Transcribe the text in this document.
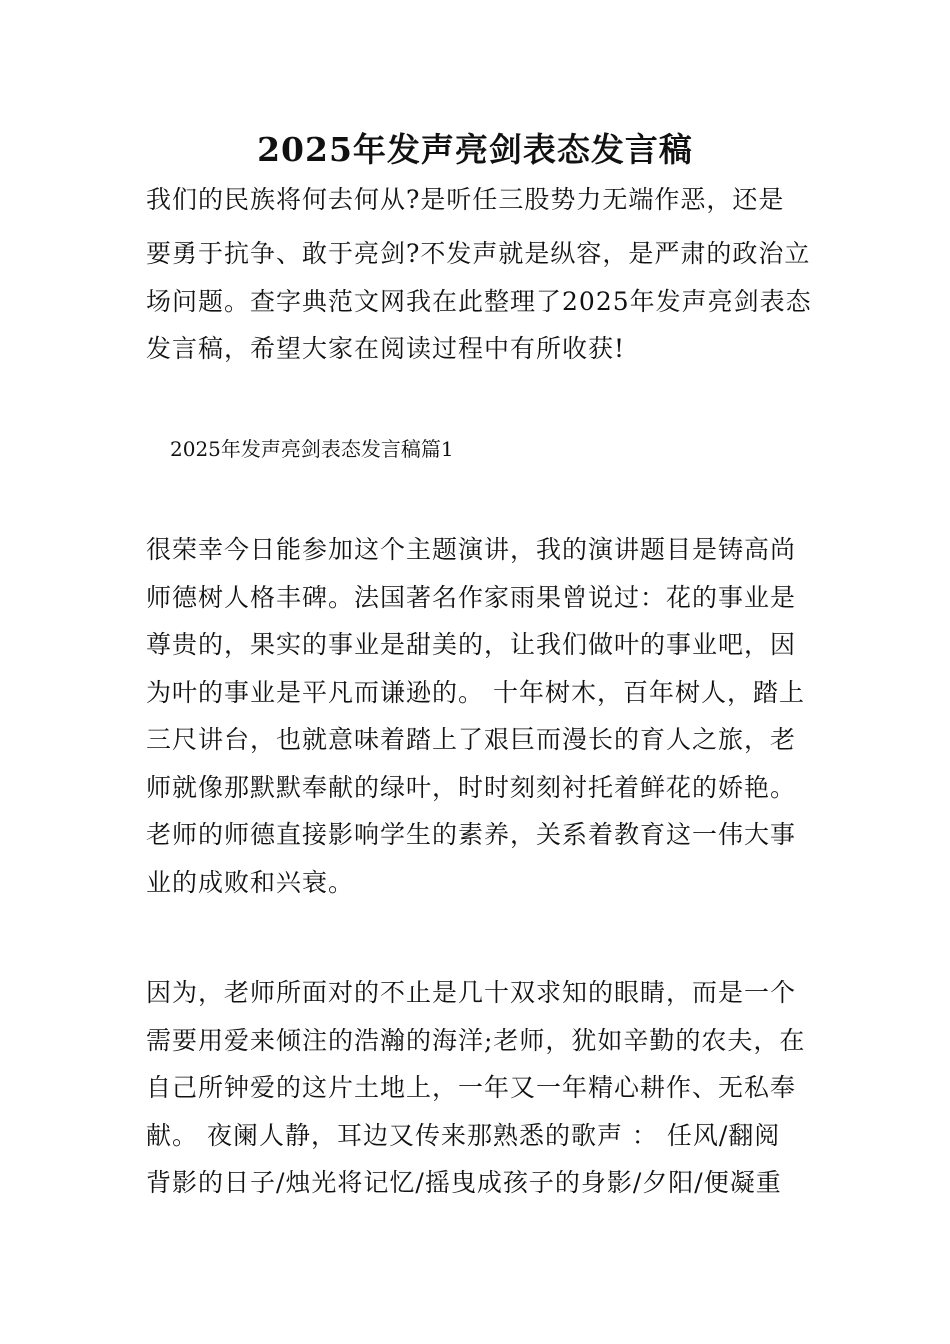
2025年发声亮剑表态发言稿
我们的民族将何去何从?是听任三股势力无端作恶，还是
要勇于抗争、敢于亮剑?不发声就是纵容，是严肃的政治立
场问题。查字典范文网我在此整理了2025年发声亮剑表态
发言稿，希望大家在阅读过程中有所收获!
2025年发声亮剑表态发言稿篇1
很荣幸今日能参加这个主题演讲，我的演讲题目是铸高尚
师德树人格丰碑。法国著名作家雨果曾说过：花的事业是
尊贵的，果实的事业是甜美的，让我们做叶的事业吧，因
为叶的事业是平凡而谦逊的。 十年树木，百年树人，踏上
三尺讲台，也就意味着踏上了艰巨而漫长的育人之旅，老
师就像那默默奉献的绿叶，时时刻刻衬托着鲜花的娇艳。
老师的师德直接影响学生的素养，关系着教育这一伟大事
业的成败和兴衰。
因为，老师所面对的不止是几十双求知的眼睛，而是一个
需要用爱来倾注的浩瀚的海洋;老师，犹如辛勤的农夫，在
自己所钟爱的这片土地上，一年又一年精心耕作、无私奉
献。 夜阑人静，耳边又传来那熟悉的歌声 ： 任风/翻阅
背影的日子/烛光将记忆/摇曳成孩子的身影/夕阳/便凝重
